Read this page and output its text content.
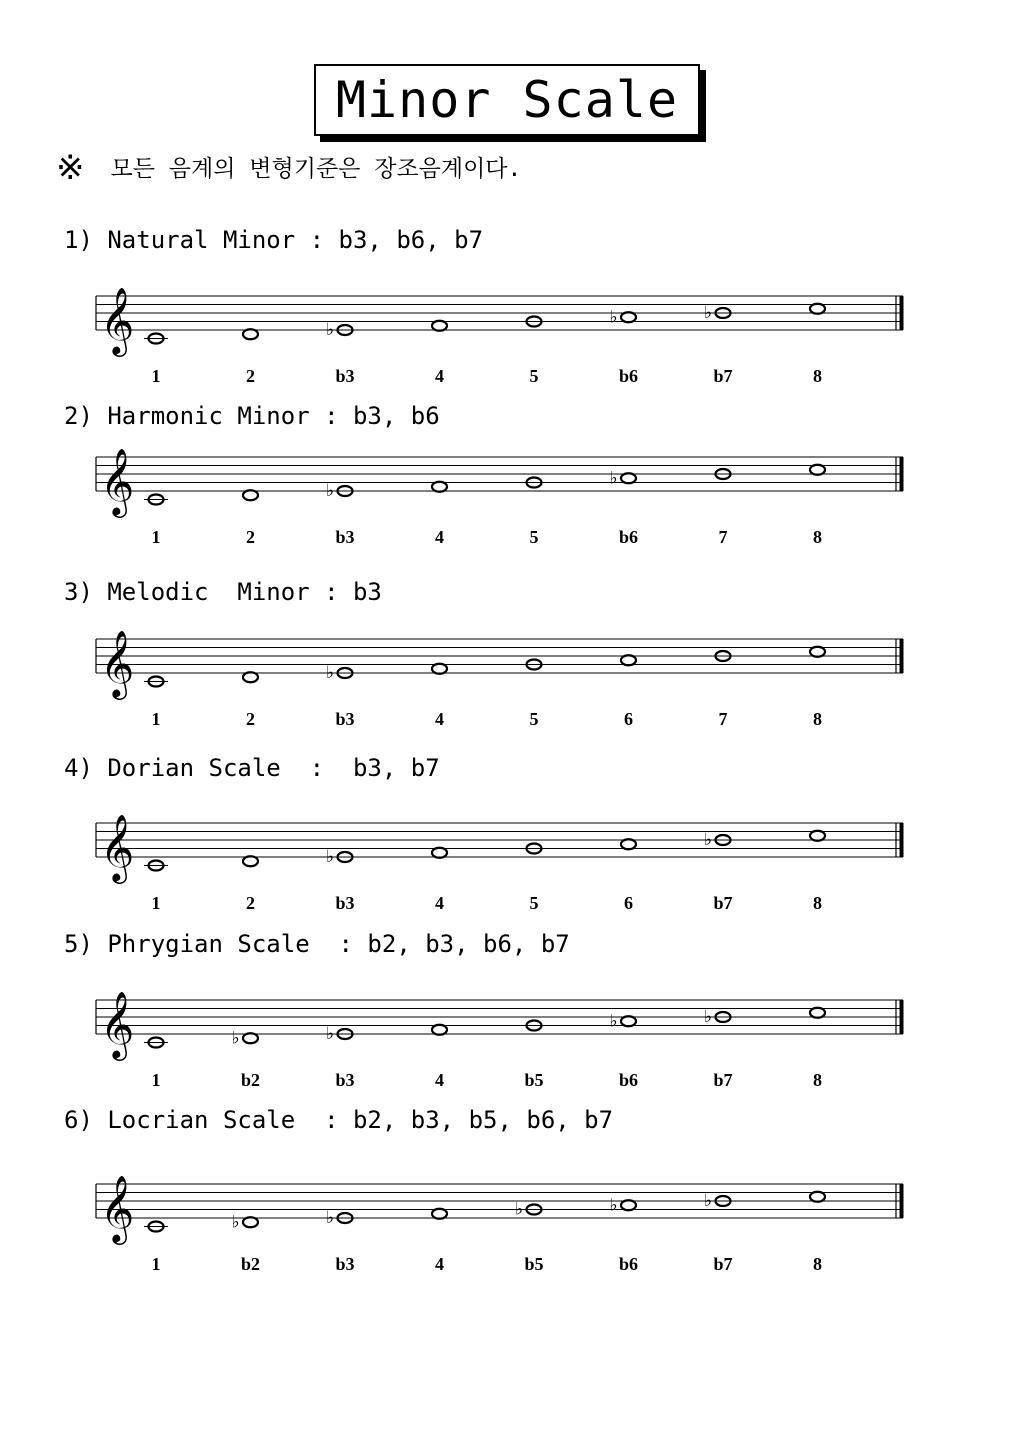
Minor Scale
※ 모든 음계의 변형기준은 장조음계이다.
1) Natural Minor : b3, b6, b7
𝄞
1	2
♭
b3	4	5
♭
b6
♭
b7	8
2) Harmonic Minor : b3, b6
𝄞
1	2
♭
b3	4	5
♭
b6	7	8
3) Melodic  Minor : b3
𝄞
1	2
♭
b3	4	5	6	7	8
4) Dorian Scale  :  b3, b7
𝄞
1	2
♭
b3	4	5	6
♭
b7	8
5) Phrygian Scale  : b2, b3, b6, b7
𝄞
1
♭
b2
♭
b3	4	b5
♭
b6
♭
b7	8
6) Locrian Scale  : b2, b3, b5, b6, b7
𝄞
1
♭
b2
♭
b3	4
♭
b5
♭
b6
♭
b7	8
